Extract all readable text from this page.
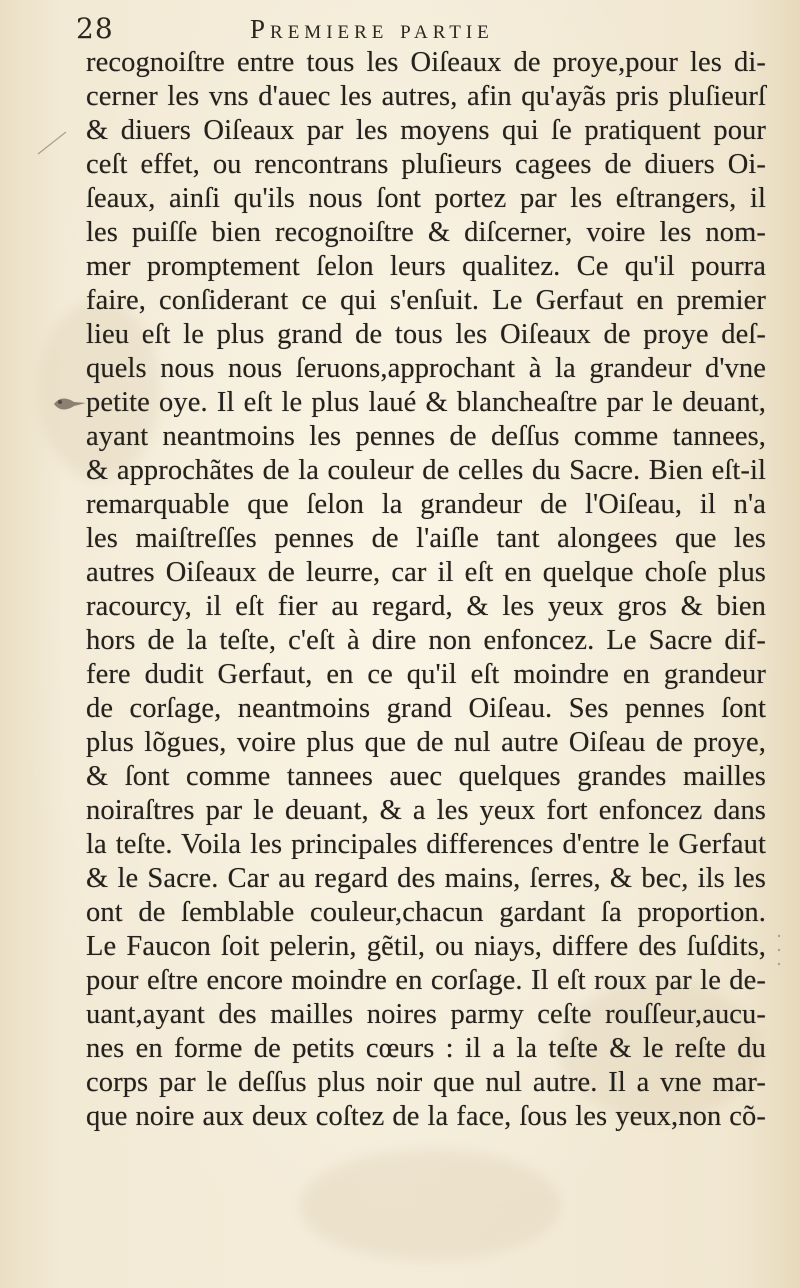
28	Premiere partie
recognoiſtre entre tous les Oiſeaux de proye,pour les di-
cerner les vns d'auec les autres, afin qu'ayãs pris pluſieurſ
& diuers Oiſeaux par les moyens qui ſe pratiquent pour
ceſt effet, ou rencontrans pluſieurs cagees de diuers Oi-
ſeaux, ainſi qu'ils nous ſont portez par les eſtrangers, il
les puiſſe bien recognoiſtre & diſcerner, voire les nom-
mer promptement ſelon leurs qualitez. Ce qu'il pourra
faire, conſiderant ce qui s'enſuit. Le Gerfaut en premier
lieu eſt le plus grand de tous les Oiſeaux de proye deſ-
quels nous nous ſeruons,approchant à la grandeur d'vne
petite oye. Il eſt le plus laué & blancheaſtre par le deuant,
ayant neantmoins les pennes de deſſus comme tannees,
& approchãtes de la couleur de celles du Sacre. Bien eſt-il
remarquable que ſelon la grandeur de l'Oiſeau, il n'a
les maiſtreſſes pennes de l'aiſle tant alongees que les
autres Oiſeaux de leurre, car il eſt en quelque choſe plus
racourcy, il eſt fier au regard, & les yeux gros & bien
hors de la teſte, c'eſt à dire non enfoncez. Le Sacre dif-
fere dudit Gerfaut, en ce qu'il eſt moindre en grandeur
de corſage, neantmoins grand Oiſeau. Ses pennes ſont
plus lõgues, voire plus que de nul autre Oiſeau de proye,
& ſont comme tannees auec quelques grandes mailles
noiraſtres par le deuant, & a les yeux fort enfoncez dans
la teſte. Voila les principales differences d'entre le Gerfaut
& le Sacre. Car au regard des mains, ſerres, & bec, ils les
ont de ſemblable couleur,chacun gardant ſa proportion.
Le Faucon ſoit pelerin, gẽtil, ou niays, differe des ſuſdits,
pour eſtre encore moindre en corſage. Il eſt roux par le de-
uant,ayant des mailles noires parmy ceſte rouſſeur,aucu-
nes en forme de petits cœurs : il a la teſte & le reſte du
corps par le deſſus plus noir que nul autre. Il a vne mar-
que noire aux deux coſtez de la face, ſous les yeux,non cõ-
